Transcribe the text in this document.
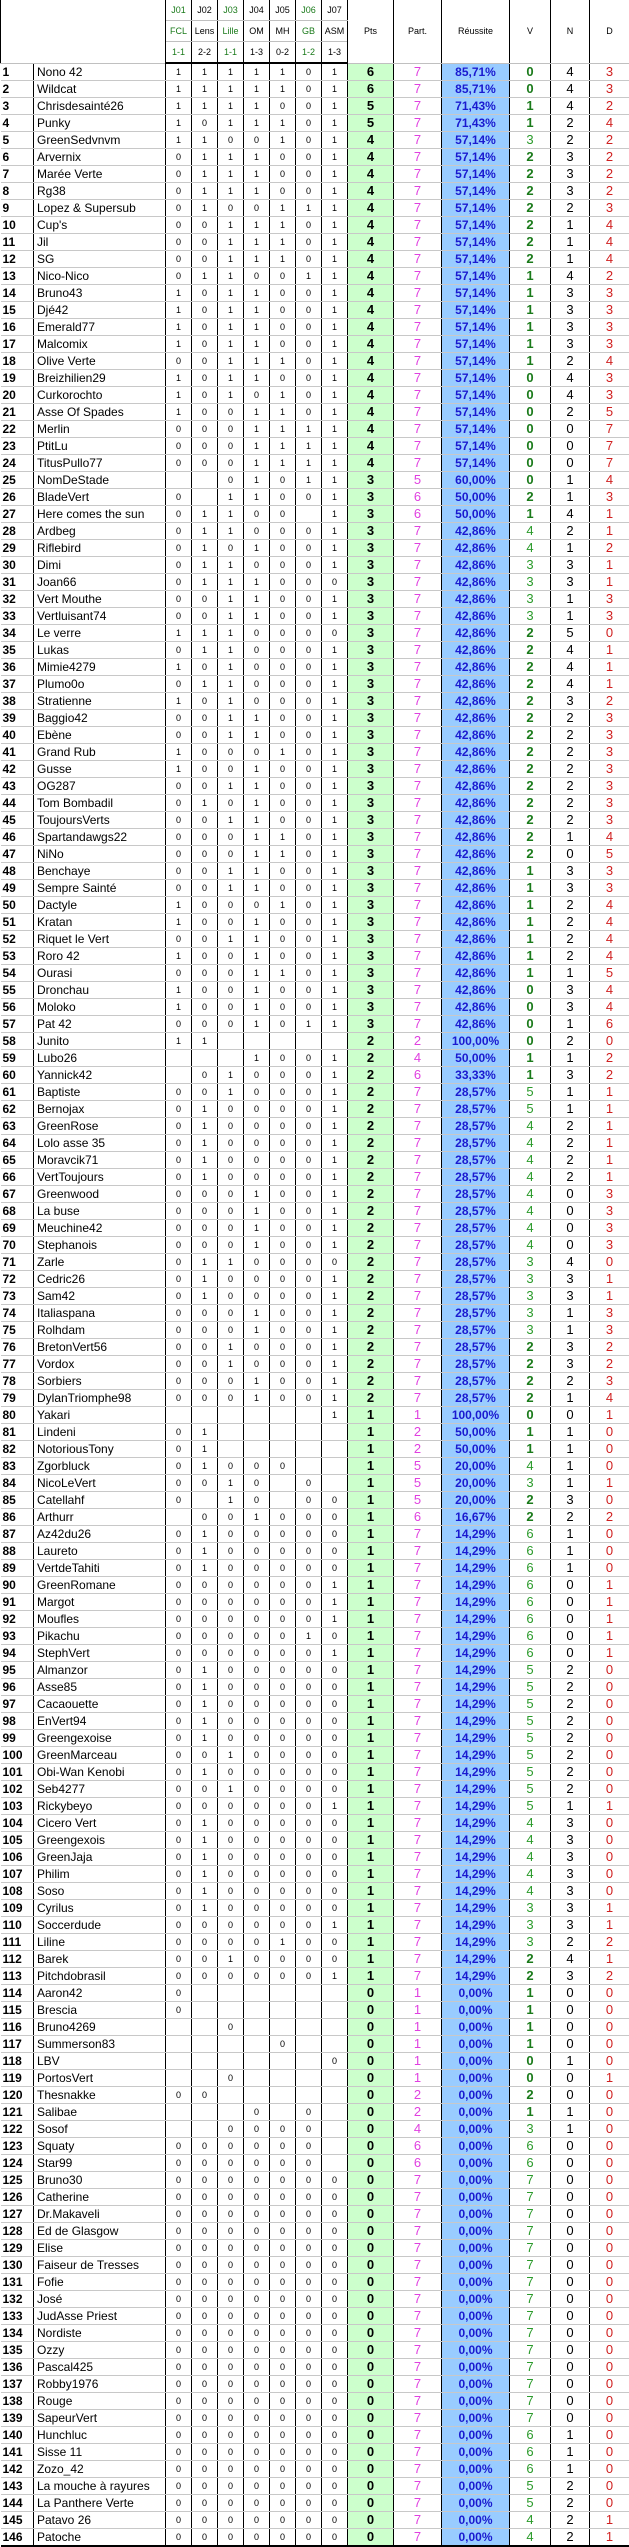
		J01	J02	J03	J04	J05	J06	J07	Pts	Part.	Réussite	V	N	D
		FCL	Lens	Lille	OM	MH	GB	ASM						
		1-1	2-2	1-1	1-3	0-2	1-2	1-3						
1	Nono 42	1	1	1	1	1	0	1	6	7	85,71%	0	4	3
2	Wildcat	1	1	1	1	1	0	1	6	7	85,71%	0	4	3
3	Chrisdesainté26	1	1	1	1	0	0	1	5	7	71,43%	1	4	2
4	Punky	1	0	1	1	1	0	1	5	7	71,43%	1	2	4
5	GreenSedvnvm	1	1	0	0	1	0	1	4	7	57,14%	3	2	2
6	Arvernix	0	1	1	1	0	0	1	4	7	57,14%	2	3	2
7	Marée Verte	0	1	1	1	0	0	1	4	7	57,14%	2	3	2
8	Rg38	0	1	1	1	0	0	1	4	7	57,14%	2	3	2
9	Lopez & Supersub	0	1	0	0	1	1	1	4	7	57,14%	2	2	3
10	Cup's	0	0	1	1	1	0	1	4	7	57,14%	2	1	4
11	Jil	0	0	1	1	1	0	1	4	7	57,14%	2	1	4
12	SG	0	0	1	1	1	0	1	4	7	57,14%	2	1	4
13	Nico-Nico	0	1	1	0	0	1	1	4	7	57,14%	1	4	2
14	Bruno43	1	0	1	1	0	0	1	4	7	57,14%	1	3	3
15	Djé42	1	0	1	1	0	0	1	4	7	57,14%	1	3	3
16	Emerald77	1	0	1	1	0	0	1	4	7	57,14%	1	3	3
17	Malcomix	1	0	1	1	0	0	1	4	7	57,14%	1	3	3
18	Olive Verte	0	0	1	1	1	0	1	4	7	57,14%	1	2	4
19	Breizhilien29	1	0	1	1	0	0	1	4	7	57,14%	0	4	3
20	Curkorochto	1	0	1	0	1	0	1	4	7	57,14%	0	4	3
21	Asse Of Spades	1	0	0	1	1	0	1	4	7	57,14%	0	2	5
22	Merlin	0	0	0	1	1	1	1	4	7	57,14%	0	0	7
23	PtitLu	0	0	0	1	1	1	1	4	7	57,14%	0	0	7
24	TitusPullo77	0	0	0	1	1	1	1	4	7	57,14%	0	0	7
25	NomDeStade			0	1	0	1	1	3	5	60,00%	0	1	4
26	BladeVert	0		1	1	0	0	1	3	6	50,00%	2	1	3
27	Here comes the sun	0	1	1	0	0		1	3	6	50,00%	1	4	1
28	Ardbeg	0	1	1	0	0	0	1	3	7	42,86%	4	2	1
29	Riflebird	0	1	0	1	0	0	1	3	7	42,86%	4	1	2
30	Dimi	0	1	1	0	0	0	1	3	7	42,86%	3	3	1
31	Joan66	0	1	1	1	0	0	0	3	7	42,86%	3	3	1
32	Vert Mouthe	0	0	1	1	0	0	1	3	7	42,86%	3	1	3
33	Vertluisant74	0	0	1	1	0	0	1	3	7	42,86%	3	1	3
34	Le verre	1	1	1	0	0	0	0	3	7	42,86%	2	5	0
35	Lukas	0	1	1	0	0	0	1	3	7	42,86%	2	4	1
36	Mimie4279	1	0	1	0	0	0	1	3	7	42,86%	2	4	1
37	Plumo0o	0	1	1	0	0	0	1	3	7	42,86%	2	4	1
38	Stratienne	1	0	1	0	0	0	1	3	7	42,86%	2	3	2
39	Baggio42	0	0	1	1	0	0	1	3	7	42,86%	2	2	3
40	Ebène	0	0	1	1	0	0	1	3	7	42,86%	2	2	3
41	Grand Rub	1	0	0	0	1	0	1	3	7	42,86%	2	2	3
42	Gusse	1	0	0	1	0	0	1	3	7	42,86%	2	2	3
43	OG287	0	0	1	1	0	0	1	3	7	42,86%	2	2	3
44	Tom Bombadil	0	1	0	1	0	0	1	3	7	42,86%	2	2	3
45	ToujoursVerts	0	0	1	1	0	0	1	3	7	42,86%	2	2	3
46	Spartandawgs22	0	0	0	1	1	0	1	3	7	42,86%	2	1	4
47	NiNo	0	0	0	1	1	0	1	3	7	42,86%	2	0	5
48	Benchaye	0	0	1	1	0	0	1	3	7	42,86%	1	3	3
49	Sempre Sainté	0	0	1	1	0	0	1	3	7	42,86%	1	3	3
50	Dactyle	1	0	0	0	1	0	1	3	7	42,86%	1	2	4
51	Kratan	1	0	0	1	0	0	1	3	7	42,86%	1	2	4
52	Riquet le Vert	0	0	1	1	0	0	1	3	7	42,86%	1	2	4
53	Roro 42	1	0	0	1	0	0	1	3	7	42,86%	1	2	4
54	Ourasi	0	0	0	1	1	0	1	3	7	42,86%	1	1	5
55	Dronchau	1	0	0	1	0	0	1	3	7	42,86%	0	3	4
56	Moloko	1	0	0	1	0	0	1	3	7	42,86%	0	3	4
57	Pat 42	0	0	0	1	0	1	1	3	7	42,86%	0	1	6
58	Junito	1	1						2	2	100,00%	0	2	0
59	Lubo26				1	0	0	1	2	4	50,00%	1	1	2
60	Yannick42		0	1	0	0	0	1	2	6	33,33%	1	3	2
61	Baptiste	0	0	1	0	0	0	1	2	7	28,57%	5	1	1
62	Bernojax	0	1	0	0	0	0	1	2	7	28,57%	5	1	1
63	GreenRose	0	1	0	0	0	0	1	2	7	28,57%	4	2	1
64	Lolo asse 35	0	1	0	0	0	0	1	2	7	28,57%	4	2	1
65	Moravcik71	0	1	0	0	0	0	1	2	7	28,57%	4	2	1
66	VertToujours	0	1	0	0	0	0	1	2	7	28,57%	4	2	1
67	Greenwood	0	0	0	1	0	0	1	2	7	28,57%	4	0	3
68	La buse	0	0	0	1	0	0	1	2	7	28,57%	4	0	3
69	Meuchine42	0	0	0	1	0	0	1	2	7	28,57%	4	0	3
70	Stephanois	0	0	0	1	0	0	1	2	7	28,57%	4	0	3
71	Zarle	0	1	1	0	0	0	0	2	7	28,57%	3	4	0
72	Cedric26	0	1	0	0	0	0	1	2	7	28,57%	3	3	1
73	Sam42	0	1	0	0	0	0	1	2	7	28,57%	3	3	1
74	Italiaspana	0	0	0	1	0	0	1	2	7	28,57%	3	1	3
75	Rolhdam	0	0	0	1	0	0	1	2	7	28,57%	3	1	3
76	BretonVert56	0	0	1	0	0	0	1	2	7	28,57%	2	3	2
77	Vordox	0	0	1	0	0	0	1	2	7	28,57%	2	3	2
78	Sorbiers	0	0	0	1	0	0	1	2	7	28,57%	2	2	3
79	DylanTriomphe98	0	0	0	1	0	0	1	2	7	28,57%	2	1	4
80	Yakari							1	1	1	100,00%	0	0	1
81	Lindeni	0	1						1	2	50,00%	1	1	0
82	NotoriousTony	0	1						1	2	50,00%	1	1	0
83	Zgorbluck	0	1	0	0	0			1	5	20,00%	4	1	0
84	NicoLeVert	0	0	1	0		0		1	5	20,00%	3	1	1
85	Catellahf	0		1	0		0	0	1	5	20,00%	2	3	0
86	Arthurr		0	0	1	0	0	0	1	6	16,67%	2	2	2
87	Az42du26	0	1	0	0	0	0	0	1	7	14,29%	6	1	0
88	Laureto	0	1	0	0	0	0	0	1	7	14,29%	6	1	0
89	VertdeTahiti	0	1	0	0	0	0	0	1	7	14,29%	6	1	0
90	GreenRomane	0	0	0	0	0	0	1	1	7	14,29%	6	0	1
91	Margot	0	0	0	0	0	0	1	1	7	14,29%	6	0	1
92	Moufles	0	0	0	0	0	0	1	1	7	14,29%	6	0	1
93	Pikachu	0	0	0	0	0	1	0	1	7	14,29%	6	0	1
94	StephVert	0	0	0	0	0	0	1	1	7	14,29%	6	0	1
95	Almanzor	0	1	0	0	0	0	0	1	7	14,29%	5	2	0
96	Asse85	0	1	0	0	0	0	0	1	7	14,29%	5	2	0
97	Cacaouette	0	1	0	0	0	0	0	1	7	14,29%	5	2	0
98	EnVert94	0	1	0	0	0	0	0	1	7	14,29%	5	2	0
99	Greengexoise	0	1	0	0	0	0	0	1	7	14,29%	5	2	0
100	GreenMarceau	0	0	1	0	0	0	0	1	7	14,29%	5	2	0
101	Obi-Wan Kenobi	0	1	0	0	0	0	0	1	7	14,29%	5	2	0
102	Seb4277	0	0	1	0	0	0	0	1	7	14,29%	5	2	0
103	Rickybeyo	0	0	0	0	0	0	1	1	7	14,29%	5	1	1
104	Cicero Vert	0	1	0	0	0	0	0	1	7	14,29%	4	3	0
105	Greengexois	0	1	0	0	0	0	0	1	7	14,29%	4	3	0
106	GreenJaja	0	1	0	0	0	0	0	1	7	14,29%	4	3	0
107	Philim	0	1	0	0	0	0	0	1	7	14,29%	4	3	0
108	Soso	0	1	0	0	0	0	0	1	7	14,29%	4	3	0
109	Cyrilus	0	1	0	0	0	0	0	1	7	14,29%	3	3	1
110	Soccerdude	0	0	0	0	0	0	1	1	7	14,29%	3	3	1
111	Liline	0	0	0	0	1	0	0	1	7	14,29%	3	2	2
112	Barek	0	0	1	0	0	0	0	1	7	14,29%	2	4	1
113	Pitchdobrasil	0	0	0	0	0	0	1	1	7	14,29%	2	3	2
114	Aaron42	0							0	1	0,00%	1	0	0
115	Brescia	0							0	1	0,00%	1	0	0
116	Bruno4269			0					0	1	0,00%	1	0	0
117	Summerson83					0			0	1	0,00%	1	0	0
118	LBV							0	0	1	0,00%	0	1	0
119	PortosVert			0					0	1	0,00%	0	0	1
120	Thesnakke	0	0						0	2	0,00%	2	0	0
121	Salibae				0		0		0	2	0,00%	1	1	0
122	Sosof			0	0	0	0		0	4	0,00%	3	1	0
123	Squaty	0	0	0	0	0	0		0	6	0,00%	6	0	0
124	Star99	0	0	0	0	0	0		0	6	0,00%	6	0	0
125	Bruno30	0	0	0	0	0	0	0	0	7	0,00%	7	0	0
126	Catherine	0	0	0	0	0	0	0	0	7	0,00%	7	0	0
127	Dr.Makaveli	0	0	0	0	0	0	0	0	7	0,00%	7	0	0
128	Ed de Glasgow	0	0	0	0	0	0	0	0	7	0,00%	7	0	0
129	Elise	0	0	0	0	0	0	0	0	7	0,00%	7	0	0
130	Faiseur de Tresses	0	0	0	0	0	0	0	0	7	0,00%	7	0	0
131	Fofie	0	0	0	0	0	0	0	0	7	0,00%	7	0	0
132	José	0	0	0	0	0	0	0	0	7	0,00%	7	0	0
133	JudAsse Priest	0	0	0	0	0	0	0	0	7	0,00%	7	0	0
134	Nordiste	0	0	0	0	0	0	0	0	7	0,00%	7	0	0
135	Ozzy	0	0	0	0	0	0	0	0	7	0,00%	7	0	0
136	Pascal425	0	0	0	0	0	0	0	0	7	0,00%	7	0	0
137	Robby1976	0	0	0	0	0	0	0	0	7	0,00%	7	0	0
138	Rouge	0	0	0	0	0	0	0	0	7	0,00%	7	0	0
139	SapeurVert	0	0	0	0	0	0	0	0	7	0,00%	7	0	0
140	Hunchluc	0	0	0	0	0	0	0	0	7	0,00%	6	1	0
141	Sisse 11	0	0	0	0	0	0	0	0	7	0,00%	6	1	0
142	Zozo_42	0	0	0	0	0	0	0	0	7	0,00%	6	1	0
143	La mouche à rayures	0	0	0	0	0	0	0	0	7	0,00%	5	2	0
144	La Panthere Verte	0	0	0	0	0	0	0	0	7	0,00%	5	2	0
145	Patavo 26	0	0	0	0	0	0	0	0	7	0,00%	4	2	1
146	Patoche	0	0	0	0	0	0	0	0	7	0,00%	4	2	1
